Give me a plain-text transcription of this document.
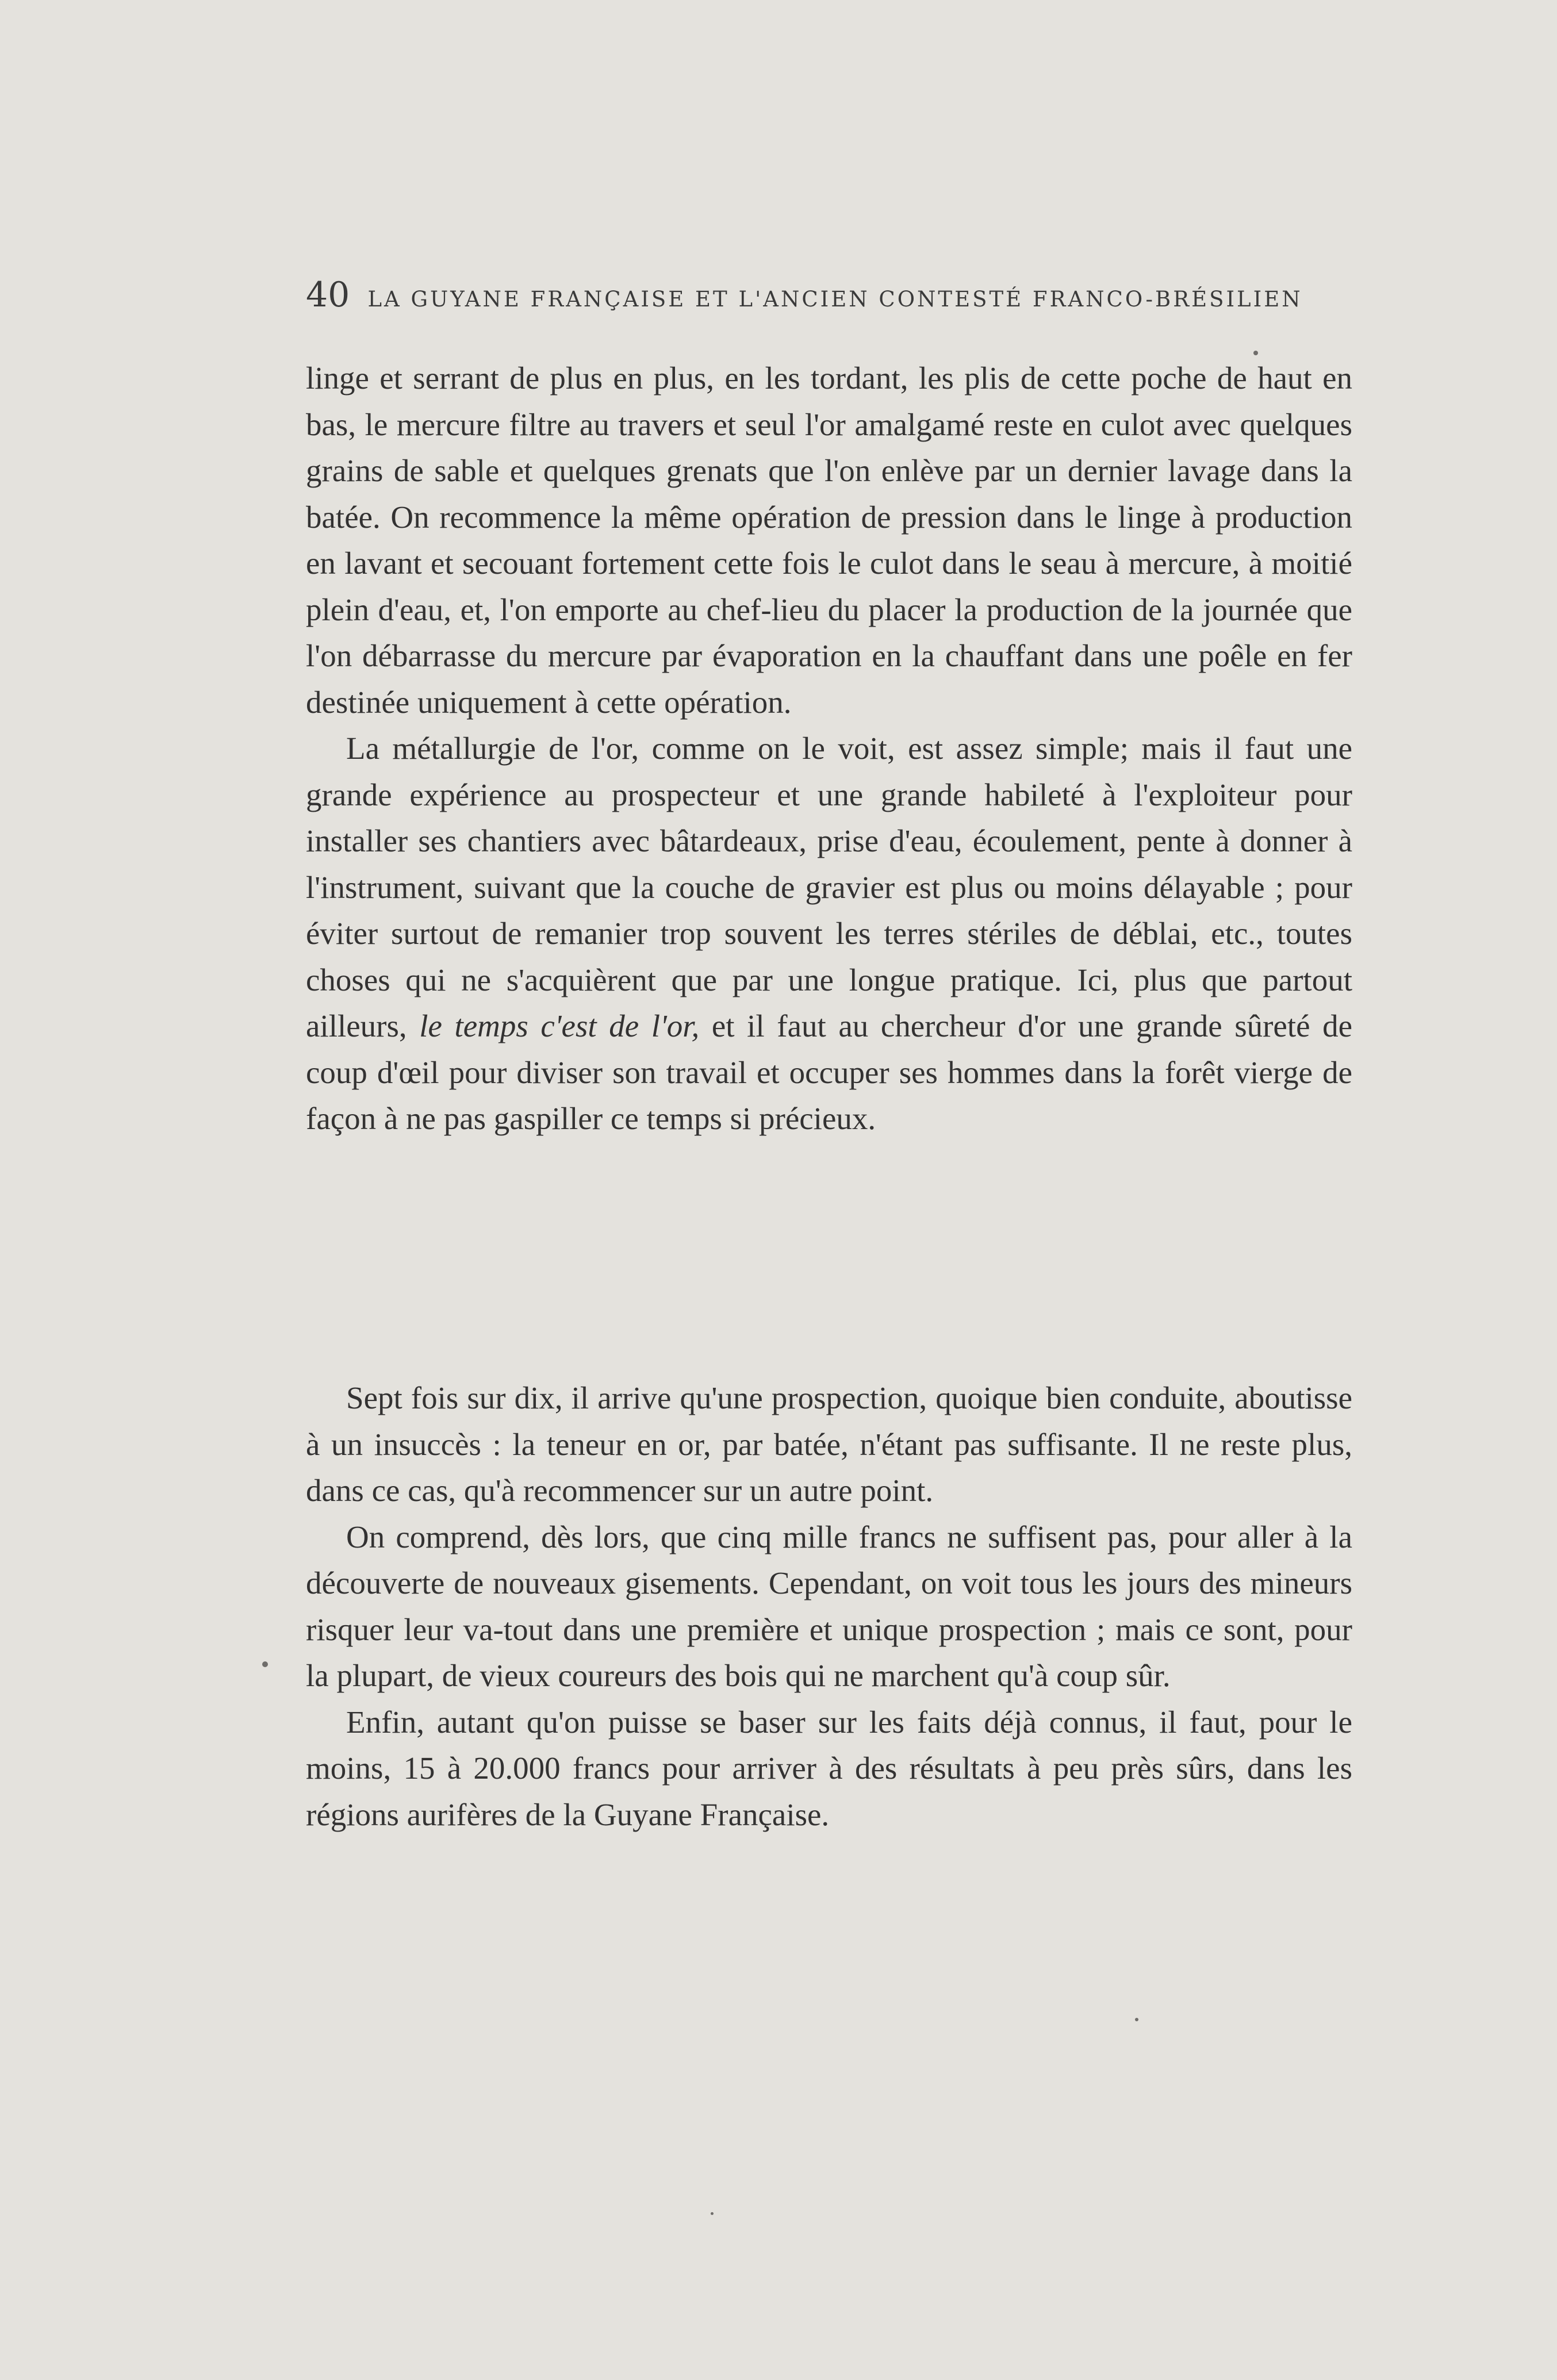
40 LA GUYANE FRANÇAISE ET L'ANCIEN CONTESTÉ FRANCO-BRÉSILIEN

linge et serrant de plus en plus, en les tordant, les plis de cette poche de haut en bas, le mercure filtre au travers et seul l'or amalgamé reste en culot avec quelques grains de sable et quelques grenats que l'on enlève par un dernier lavage dans la batée. On recommence la même opération de pression dans le linge à production en lavant et secouant fortement cette fois le culot dans le seau à mercure, à moitié plein d'eau, et, l'on emporte au chef-lieu du placer la production de la journée que l'on débarrasse du mercure par évaporation en la chauffant dans une poêle en fer destinée uniquement à cette opération.

La métallurgie de l'or, comme on le voit, est assez simple; mais il faut une grande expérience au prospecteur et une grande habileté à l'exploiteur pour installer ses chantiers avec bâtardeaux, prise d'eau, écoulement, pente à donner à l'instrument, suivant que la couche de gravier est plus ou moins délayable ; pour éviter surtout de remanier trop souvent les terres stériles de déblai, etc., toutes choses qui ne s'acquièrent que par une longue pratique. Ici, plus que partout ailleurs, le temps c'est de l'or, et il faut au chercheur d'or une grande sûreté de coup d'œil pour diviser son travail et occuper ses hommes dans la forêt vierge de façon à ne pas gaspiller ce temps si précieux.

Sept fois sur dix, il arrive qu'une prospection, quoique bien conduite, aboutisse à un insuccès : la teneur en or, par batée, n'étant pas suffisante. Il ne reste plus, dans ce cas, qu'à recommencer sur un autre point.

On comprend, dès lors, que cinq mille francs ne suffisent pas, pour aller à la découverte de nouveaux gisements. Cependant, on voit tous les jours des mineurs risquer leur va-tout dans une première et unique prospection ; mais ce sont, pour la plupart, de vieux coureurs des bois qui ne marchent qu'à coup sûr.

Enfin, autant qu'on puisse se baser sur les faits déjà connus, il faut, pour le moins, 15 à 20.000 francs pour arriver à des résultats à peu près sûrs, dans les régions aurifères de la Guyane Française.
